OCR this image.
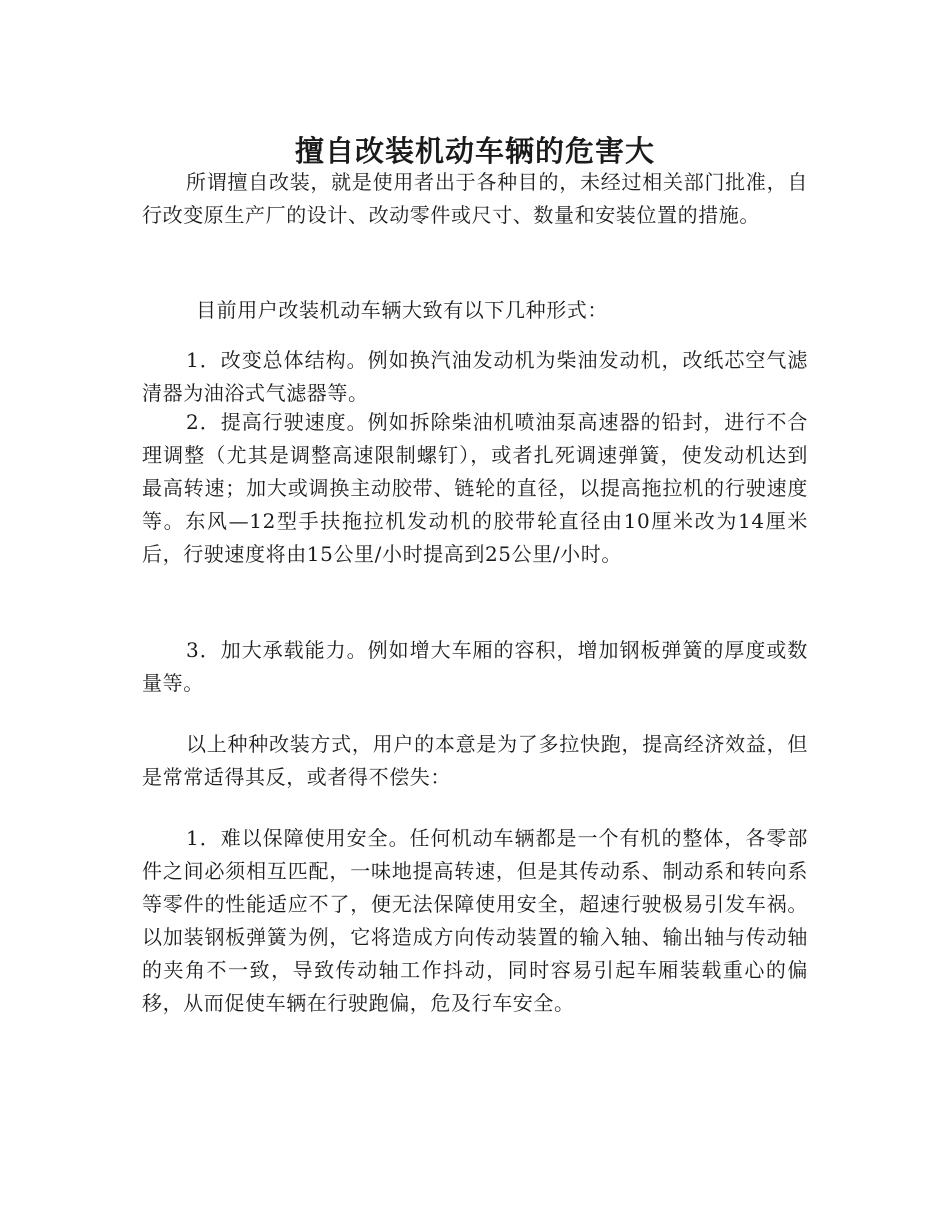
擅自改装机动车辆的危害大

所谓擅自改装，就是使用者出于各种目的，未经过相关部门批准，自行改变原生产厂的设计、改动零件或尺寸、数量和安装位置的措施。

目前用户改装机动车辆大致有以下几种形式：

1．改变总体结构。例如换汽油发动机为柴油发动机，改纸芯空气滤清器为油浴式气滤器等。

2．提高行驶速度。例如拆除柴油机喷油泵高速器的铅封，进行不合理调整（尤其是调整高速限制螺钉），或者扎死调速弹簧，使发动机达到最高转速；加大或调换主动胶带、链轮的直径，以提高拖拉机的行驶速度等。东风—12型手扶拖拉机发动机的胶带轮直径由10厘米改为14厘米后，行驶速度将由15公里/小时提高到25公里/小时。

3．加大承载能力。例如增大车厢的容积，增加钢板弹簧的厚度或数量等。

以上种种改装方式，用户的本意是为了多拉快跑，提高经济效益，但是常常适得其反，或者得不偿失：

1．难以保障使用安全。任何机动车辆都是一个有机的整体，各零部件之间必须相互匹配，一味地提高转速，但是其传动系、制动系和转向系等零件的性能适应不了，便无法保障使用安全，超速行驶极易引发车祸。以加装钢板弹簧为例，它将造成方向传动装置的输入轴、输出轴与传动轴的夹角不一致，导致传动轴工作抖动，同时容易引起车厢装载重心的偏移，从而促使车辆在行驶跑偏，危及行车安全。
